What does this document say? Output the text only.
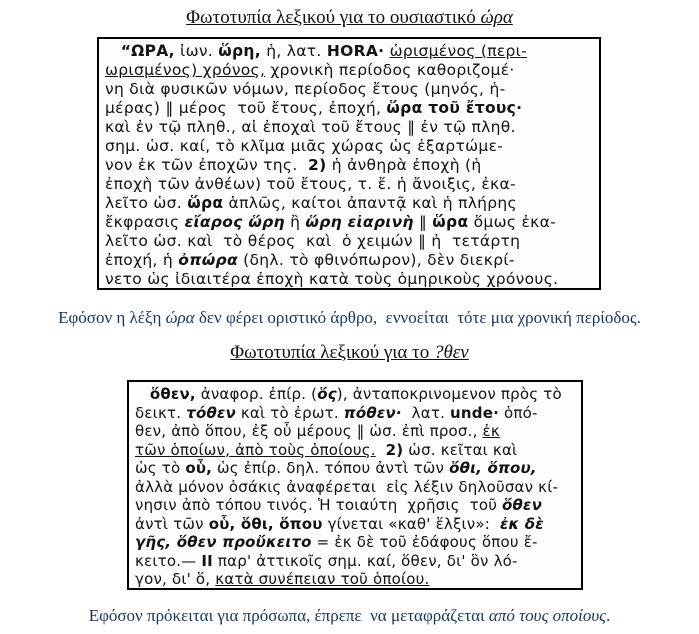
Φωτοτυπία λεξικού για το ουσιαστικό ώρα
“ΩΡΑ, ἰων. ὥρη, ἡ, λατ. HORA· ὡρισμένος (περι-
ωρισμένος) χρόνος, χρονικὴ περίοδος καθοριζομέ·
νη διὰ φυσικῶν νόμων, περίοδος ἔτους (μηνός, ἡ-
μέρας) ‖ μέρος  τοῦ ἔτους, ἐποχή, ὥρα τοῦ ἔτους·
καὶ ἐν τῷ πληθ., αἱ ἐποχαὶ τοῦ ἔτους ‖ ἐν τῷ πληθ.
σημ. ὡσ. καί, τὸ κλῖμα μιᾶς χώρας ὡς ἐξαρτώμε-
νον ἐκ τῶν ἐποχῶν της.  2) ἡ ἀνθηρὰ ἐποχὴ (ἡ
ἐποχὴ τῶν ἀνθέων) τοῦ ἔτους, τ. ἔ. ἡ ἄνοιξις, ἐκα-
λεῖτο ὡσ. ὥρα ἁπλῶς, καίτοι ἀπαντᾷ καὶ ἡ πλήρης
ἔκφρασις εἴαρος ὥρη ἢ ὥρη εἰαρινὴ ‖ ὥρα ὅμως ἐκα-
λεῖτο ὡσ. καὶ  τὸ θέρος  καὶ  ὁ χειμών ‖ ἡ  τετάρτη
ἐποχή, ἡ ὀπώρα (δηλ. τὸ φθινόπωρον), δὲν διεκρί-
νετο ὡς ἰδιαιτέρα ἐποχὴ κατὰ τοὺς ὁμηρικοὺς χρόνους.
Εφόσον η λέξη ώρα δεν φέρει οριστικό άρθρο,  εννοείται  τότε μια χρονική περίοδος.
Φωτοτυπία λεξικού για το ?θεν
ὅθεν, ἀναφορ. ἐπίρ. (ὅς), ἀνταποκρινομενον πρὸς τὸ
δεικτ. τόθεν καὶ τὸ ἐρωτ. πόθεν·  λατ. unde· ὁπό-
θεν, ἀπὸ ὅπου, ἐξ οὗ μέρους ‖ ὡσ. ἐπὶ προσ., ἐκ
τῶν ὁποίων, ἀπὸ τοὺς ὁποίους. 2) ὡσ. κεῖται καὶ
ὡς τὸ οὗ, ὡς ἐπίρ. δηλ. τόπου ἀντὶ τῶν ὅθι, ὅπου,
ἀλλὰ μόνον ὁσάκις ἀναφέρεται  εἰς λέξιν δηλοῦσαν κί-
νησιν ἀπὸ τόπου τινός. Ἡ τοιαύτη  χρῆσις  τοῦ ὅθεν
ἀντὶ τῶν οὗ, ὅθι, ὅπου γίνεται «καθ' ἕλξιν»:  ἐκ δὲ
γῆς, ὅθεν προὔκειτο = ἐκ δὲ τοῦ ἐδάφους ὅπου ἔ-
κειτο.— ΙΙ παρ' ἀττικοῖς σημ. καί, ὅθεν, δι' ὃν λό-
γον, δι' ὅ, κατὰ συνέπειαν τοῦ ὁποίου.
Εφόσον πρόκειται για πρόσωπα, έπρεπε  να μεταφράζεται από τους οποίους.
